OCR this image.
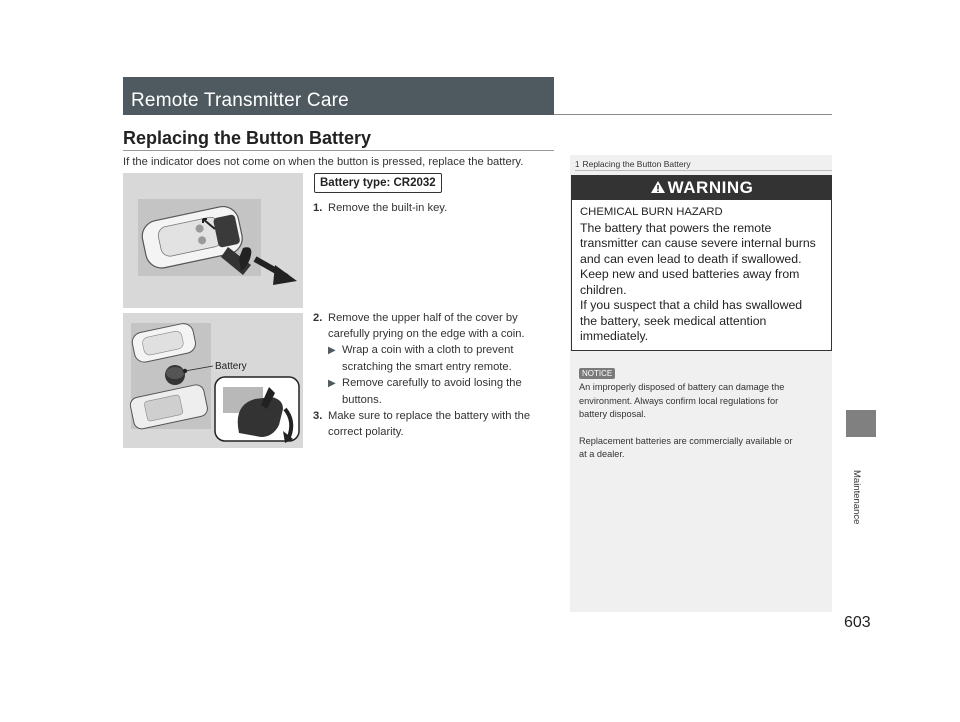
Remote Transmitter Care
Replacing the Button Battery
If the indicator does not come on when the button is pressed, replace the battery.
Battery
Battery type: CR2032
1. Remove the built-in key.
2. Remove the upper half of the cover by
carefully prying on the edge with a coin.
▶ Wrap a coin with a cloth to prevent
scratching the smart entry remote.
▶ Remove carefully to avoid losing the
buttons.
3. Make sure to replace the battery with the
correct polarity.
1 Replacing the Button Battery
WARNING
CHEMICAL BURN HAZARD
The battery that powers the remote
transmitter can cause severe internal burns
and can even lead to death if swallowed.
Keep new and used batteries away from
children.
If you suspect that a child has swallowed
the battery, seek medical attention
immediately.
NOTICE
An improperly disposed of battery can damage the
environment. Always confirm local regulations for
battery disposal.
Replacement batteries are commercially available or
at a dealer.
Maintenance
603
